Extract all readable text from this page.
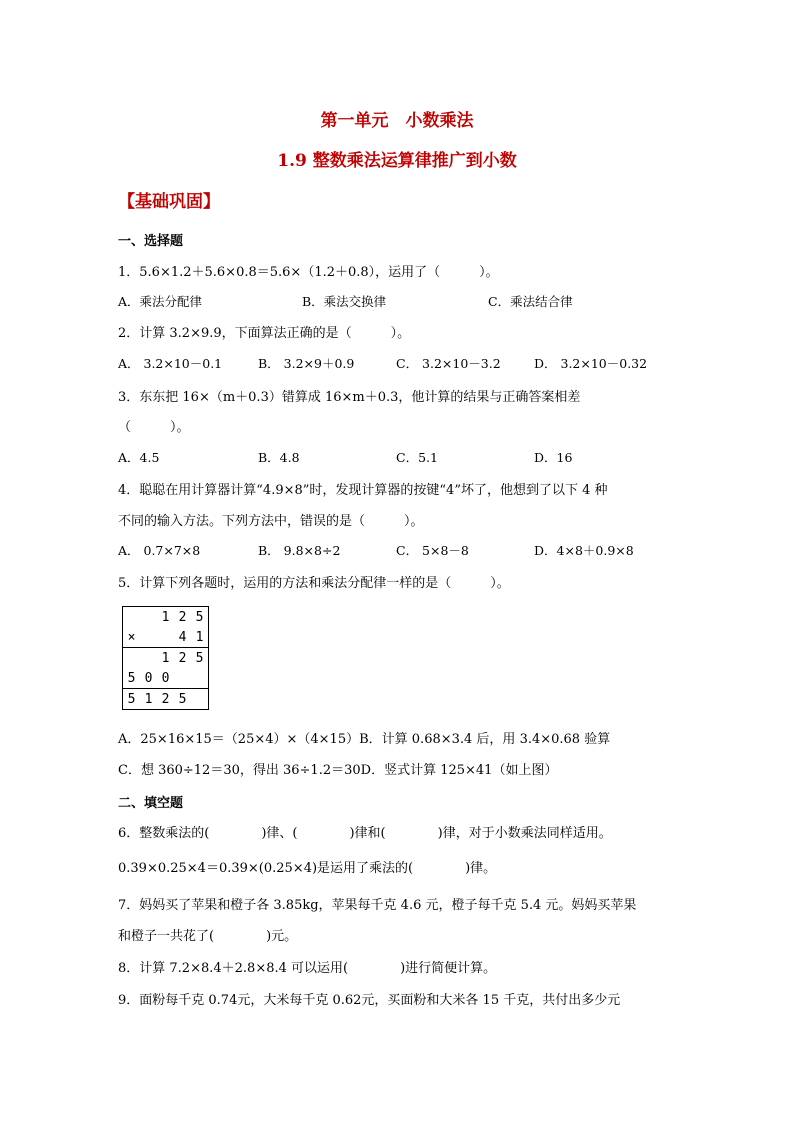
第一单元　小数乘法
1.9 整数乘法运算律推广到小数
【基础巩固】
一、选择题
1．5.6×1.2＋5.6×0.8＝5.6×（1.2＋0.8），运用了（　　　）。
A．乘法分配律	B．乘法交换律	C．乘法结合律
2．计算 3.2×9.9，下面算法正确的是（　　　）。
A． 3.2×10－0.1	B． 3.2×9＋0.9	C． 3.2×10－3.2	D． 3.2×10－0.32
3．东东把 16×（m＋0.3）错算成 16×m＋0.3，他计算的结果与正确答案相差
（　　　）。
A．4.5	B．4.8	C．5.1	D．16
4．聪聪在用计算器计算“4.9×8”时，发现计算器的按键“4”坏了，他想到了以下 4 种
不同的输入方法。下列方法中，错误的是（　　　）。
A． 0.7×7×8	B． 9.8×8÷2	C． 5×8－8	D．4×8＋0.9×8
5．计算下列各题时，运用的方法和乘法分配律一样的是（　　　）。
		1	2	5
×			4	1
		1	2	5
5	0	0		
5	1	2	5	
A．25×16×15＝（25×4）×（4×15）B．计算 0.68×3.4 后，用 3.4×0.68 验算
C．想 360÷12＝30，得出 36÷1.2＝30D．竖式计算 125×41（如上图）
二、填空题
6．整数乘法的(　　　　)律、(　　　　)律和(　　　　)律，对于小数乘法同样适用。
0.39×0.25×4＝0.39×(0.25×4)是运用了乘法的(　　　　)律。
7．妈妈买了苹果和橙子各 3.85kg，苹果每千克 4.6 元，橙子每千克 5.4 元。妈妈买苹果
和橙子一共花了(　　　　)元。
8．计算 7.2×8.4＋2.8×8.4 可以运用(　　　　)进行简便计算。
9．面粉每千克 0.74元，大米每千克 0.62元，买面粉和大米各 15 千克，共付出多少元
